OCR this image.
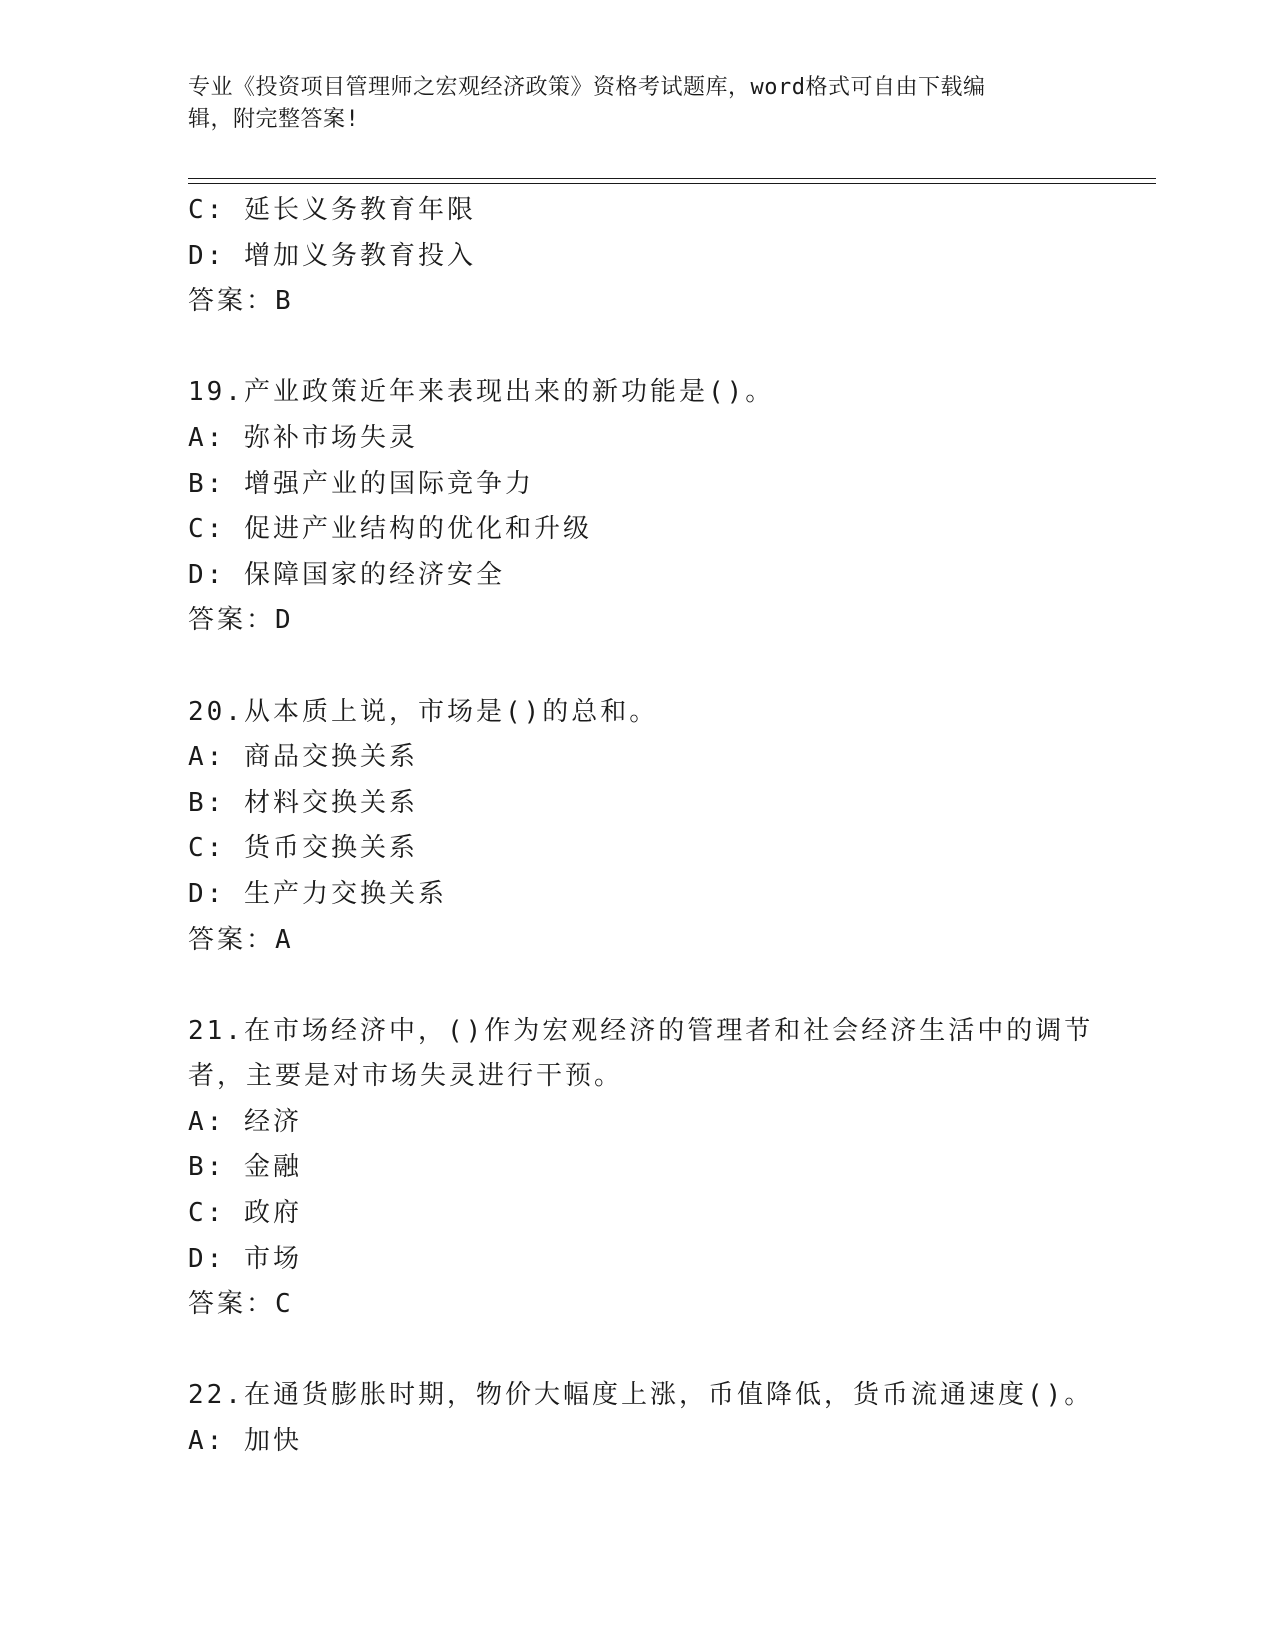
专业《投资项目管理师之宏观经济政策》资格考试题库，word格式可自由下载编
辑，附完整答案!
C: 延长义务教育年限
D: 增加义务教育投入
答案：B
19.产业政策近年来表现出来的新功能是()。
A: 弥补市场失灵
B: 增强产业的国际竞争力
C: 促进产业结构的优化和升级
D: 保障国家的经济安全
答案：D
20.从本质上说，市场是()的总和。
A: 商品交换关系
B: 材料交换关系
C: 货币交换关系
D: 生产力交换关系
答案：A
21.在市场经济中，()作为宏观经济的管理者和社会经济生活中的调节
者，主要是对市场失灵进行干预。
A: 经济
B: 金融
C: 政府
D: 市场
答案：C
22.在通货膨胀时期，物价大幅度上涨，币值降低，货币流通速度()。
A: 加快
